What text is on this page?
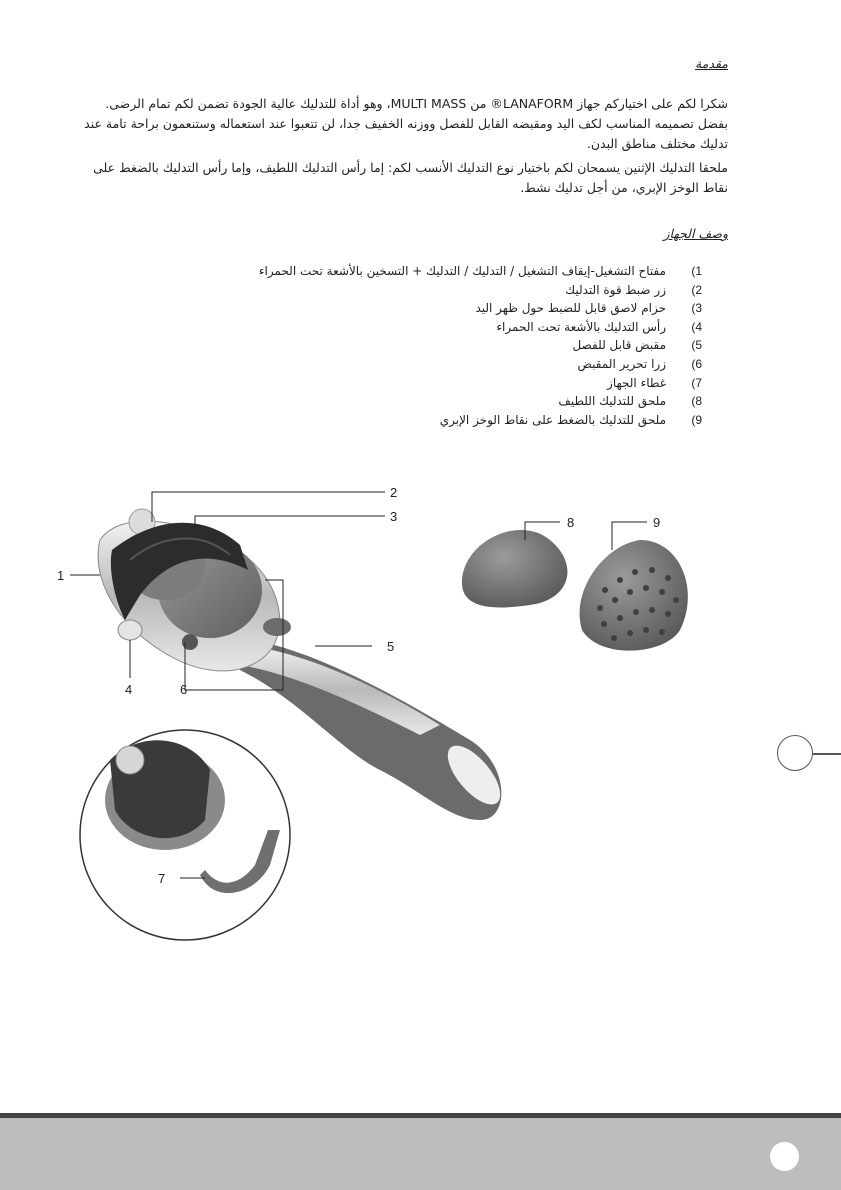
مقدمة

شكرا لكم على اختياركم جهاز LANAFORM® من MULTI MASS، وهو أداة للتدليك عالية الجودة تضمن لكم تمام الرضى.

بفضل تصميمه المناسب لكف اليد ومقبضه القابل للفصل ووزنه الخفيف جدا، لن تتعبوا عند استعماله وستنعمون براحة تامة عند تدليك مختلف مناطق البدن.

ملحقا التدليك الإثنين يسمحان لكم باختيار نوع التدليك الأنسب لكم: إما رأس التدليك اللطيف، وإما رأس التدليك بالضغط على نقاط الوخز الإبري، من أجل تدليك نشط.

وصف الجهاز
1)مفتاح التشغيل-إيقاف التشغيل / التدليك / التدليك + التسخين بالأشعة تحت الحمراء
2)زر ضبط قوة التدليك
3)حزام لاصق قابل للضبط حول ظهر اليد
4)رأس التدليك بالأشعة تحت الحمراء
5)مقبض قابل للفصل
6)زرا تحرير المقبض
7)غطاء الجهاز
8)ملحق للتدليك اللطيف
9)ملحق للتدليك بالضغط على نقاط الوخز الإبري
1
2
3
4
5
6
7
8	9
